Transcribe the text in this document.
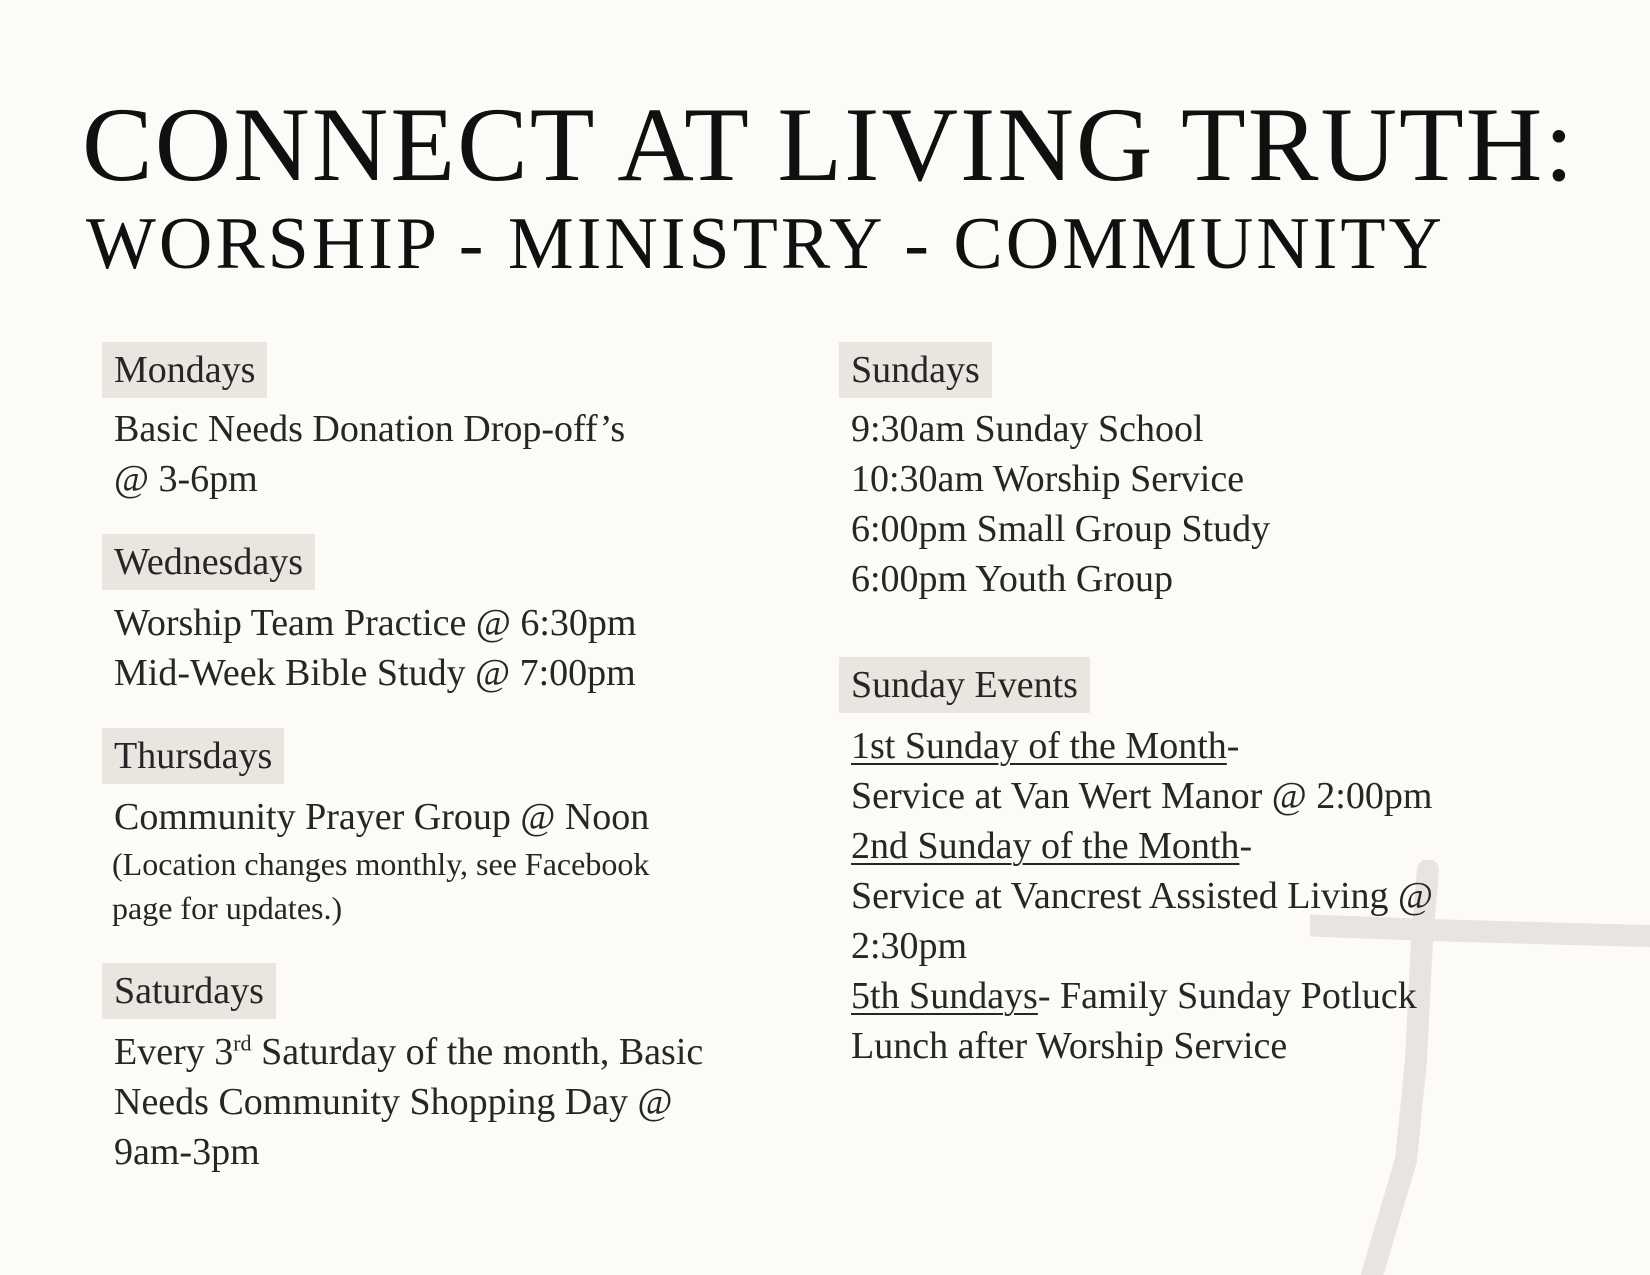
CONNECT AT LIVING TRUTH:
WORSHIP - MINISTRY - COMMUNITY
Mondays
Basic Needs Donation Drop-off’s
@ 3-6pm
Wednesdays
Worship Team Practice @ 6:30pm
Mid-Week Bible Study @ 7:00pm
Thursdays
Community Prayer Group @ Noon
(Location changes monthly, see Facebook
page for updates.)
Saturdays
Every 3rd Saturday of the month, Basic
Needs Community Shopping Day @
9am-3pm
Sundays
9:30am Sunday School
10:30am Worship Service
6:00pm Small Group Study
6:00pm Youth Group
Sunday Events
1st Sunday of the Month-
Service at Van Wert Manor @ 2:00pm
2nd Sunday of the Month-
Service at Vancrest Assisted Living @
2:30pm
5th Sundays- Family Sunday Potluck
Lunch after Worship Service
